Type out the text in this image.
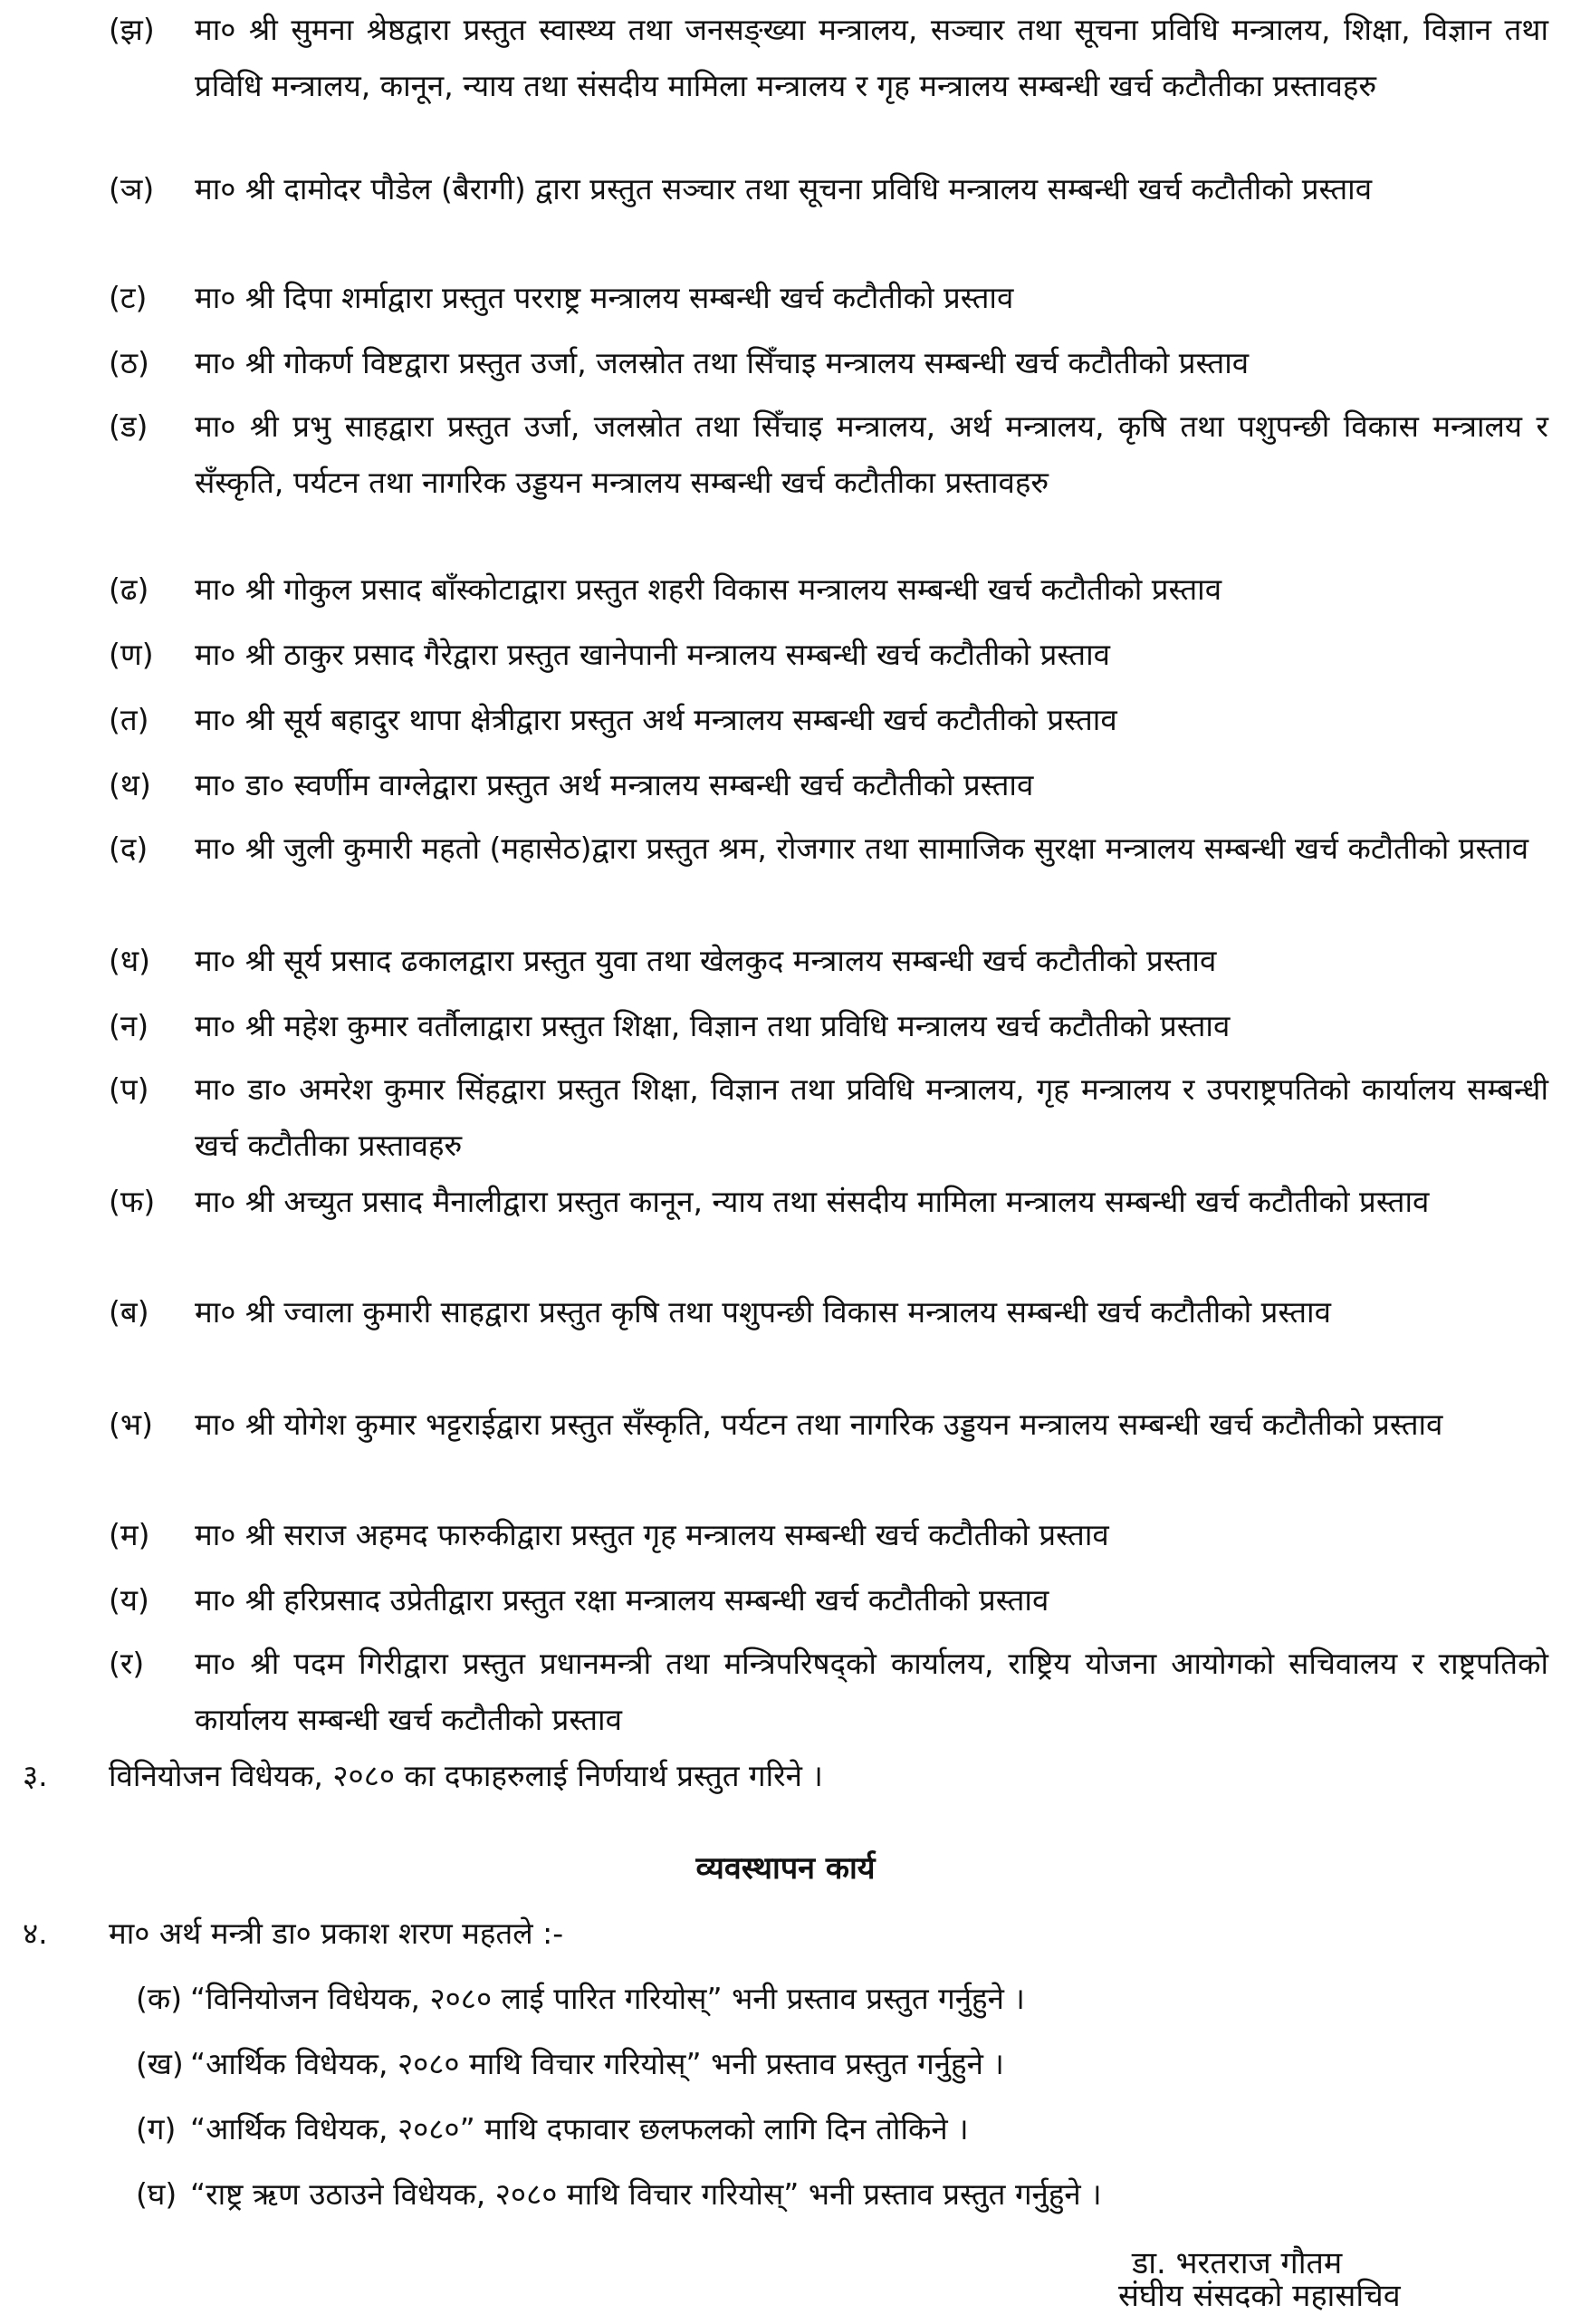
(झ)	मा० श्री सुमना श्रेष्ठद्वारा प्रस्तुत स्वास्थ्य तथा जनसङ्ख्या मन्त्रालय, सञ्चार तथा सूचना प्रविधि मन्त्रालय, शिक्षा, विज्ञान तथा प्रविधि मन्त्रालय, कानून, न्याय तथा संसदीय मामिला मन्त्रालय र गृह मन्त्रालय सम्बन्धी खर्च कटौतीका प्रस्तावहरु
(ञ)	मा० श्री दामोदर पौडेल (बैरागी) द्वारा प्रस्तुत सञ्चार तथा सूचना प्रविधि मन्त्रालय सम्बन्धी खर्च कटौतीको प्रस्ताव
(ट)	मा० श्री दिपा शर्माद्वारा प्रस्तुत परराष्ट्र मन्त्रालय सम्बन्धी खर्च कटौतीको प्रस्ताव
(ठ)	मा० श्री गोकर्ण विष्टद्वारा प्रस्तुत उर्जा, जलस्रोत तथा सिँचाइ मन्त्रालय सम्बन्धी खर्च कटौतीको प्रस्ताव
(ड)	मा० श्री प्रभु साहद्वारा प्रस्तुत उर्जा, जलस्रोत तथा सिँचाइ मन्त्रालय, अर्थ मन्त्रालय, कृषि तथा पशुपन्छी विकास मन्त्रालय र सँस्कृति, पर्यटन तथा नागरिक उड्डयन मन्त्रालय सम्बन्धी खर्च कटौतीका प्रस्तावहरु
(ढ)	मा० श्री गोकुल प्रसाद बाँस्कोटाद्वारा प्रस्तुत शहरी विकास मन्त्रालय सम्बन्धी खर्च कटौतीको प्रस्ताव
(ण)	मा० श्री ठाकुर प्रसाद गैरेद्वारा प्रस्तुत खानेपानी मन्त्रालय सम्बन्धी खर्च कटौतीको प्रस्ताव
(त)	मा० श्री सूर्य बहादुर थापा क्षेत्रीद्वारा प्रस्तुत अर्थ मन्त्रालय सम्बन्धी खर्च कटौतीको प्रस्ताव
(थ)	मा० डा० स्वर्णीम वाग्लेद्वारा प्रस्तुत अर्थ मन्त्रालय सम्बन्धी खर्च कटौतीको प्रस्ताव
(द)	मा० श्री जुली कुमारी महतो (महासेठ)द्वारा प्रस्तुत श्रम, रोजगार तथा सामाजिक सुरक्षा मन्त्रालय सम्बन्धी खर्च कटौतीको प्रस्ताव
(ध)	मा० श्री सूर्य प्रसाद ढकालद्वारा प्रस्तुत युवा तथा खेलकुद मन्त्रालय सम्बन्धी खर्च कटौतीको प्रस्ताव
(न)	मा० श्री महेश कुमार वर्तौलाद्वारा प्रस्तुत शिक्षा, विज्ञान तथा प्रविधि मन्त्रालय खर्च कटौतीको प्रस्ताव
(प)	मा० डा० अमरेश कुमार सिंहद्वारा प्रस्तुत शिक्षा, विज्ञान तथा प्रविधि मन्त्रालय, गृह मन्त्रालय र उपराष्ट्रपतिको कार्यालय सम्बन्धी खर्च कटौतीका प्रस्तावहरु
(फ)	मा० श्री अच्युत प्रसाद मैनालीद्वारा प्रस्तुत कानून, न्याय तथा संसदीय मामिला मन्त्रालय सम्बन्धी खर्च कटौतीको प्रस्ताव
(ब)	मा० श्री ज्वाला कुमारी साहद्वारा प्रस्तुत कृषि तथा पशुपन्छी विकास मन्त्रालय सम्बन्धी खर्च कटौतीको प्रस्ताव
(भ)	मा० श्री योगेश कुमार भट्टराईद्वारा प्रस्तुत सँस्कृति, पर्यटन तथा नागरिक उड्डयन मन्त्रालय सम्बन्धी खर्च कटौतीको प्रस्ताव
(म)	मा० श्री सराज अहमद फारुकीद्वारा प्रस्तुत गृह मन्त्रालय सम्बन्धी खर्च कटौतीको प्रस्ताव
(य)	मा० श्री हरिप्रसाद उप्रेतीद्वारा प्रस्तुत रक्षा मन्त्रालय सम्बन्धी खर्च कटौतीको प्रस्ताव
(र)	मा० श्री पदम गिरीद्वारा प्रस्तुत प्रधानमन्त्री तथा मन्त्रिपरिषद्को कार्यालय, राष्ट्रिय योजना आयोगको सचिवालय र राष्ट्रपतिको कार्यालय सम्बन्धी खर्च कटौतीको प्रस्ताव
३.	विनियोजन विधेयक, २०८० का दफाहरुलाई निर्णयार्थ प्रस्तुत गरिने ।
व्यवस्थापन कार्य
४.	मा० अर्थ मन्त्री डा० प्रकाश शरण महतले :-
(क) “विनियोजन विधेयक, २०८० लाई पारित गरियोस्” भनी प्रस्ताव प्रस्तुत गर्नुहुने ।
(ख) “आर्थिक विधेयक, २०८० माथि विचार गरियोस्” भनी प्रस्ताव प्रस्तुत गर्नुहुने ।
(ग) “आर्थिक विधेयक, २०८०” माथि दफावार छलफलको लागि दिन तोकिने ।
(घ) “राष्ट्र ऋण उठाउने विधेयक, २०८० माथि विचार गरियोस्” भनी प्रस्ताव प्रस्तुत गर्नुहुने ।
डा. भरतराज गौतम
संघीय संसदको महासचिव
